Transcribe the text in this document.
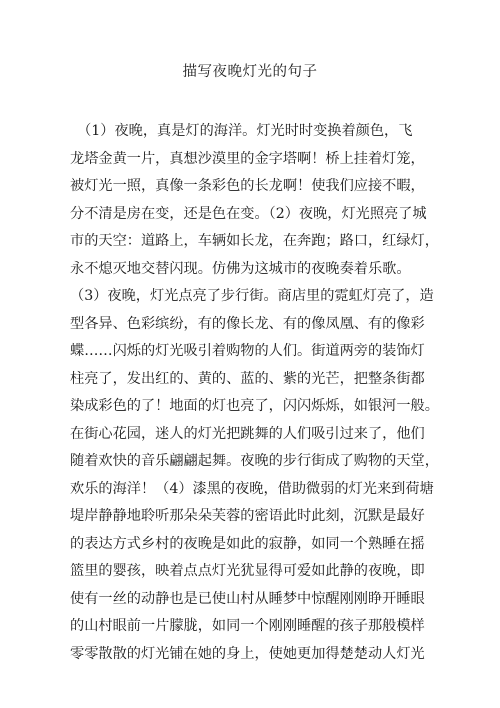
描写夜晚灯光的句子
　（1）夜晚，真是灯的海洋。灯光时时变换着颜色，飞
龙塔金黄一片，真想沙漠里的金字塔啊！桥上挂着灯笼，
被灯光一照，真像一条彩色的长龙啊！使我们应接不暇，
分不清是房在变，还是色在变。（2）夜晚，灯光照亮了城
市的天空：道路上，车辆如长龙，在奔跑；路口，红绿灯，
永不熄灭地交替闪现。仿佛为这城市的夜晚奏着乐歌。
（3）夜晚，灯光点亮了步行街。商店里的霓虹灯亮了，造
型各异、色彩缤纷，有的像长龙、有的像凤凰、有的像彩
蝶……闪烁的灯光吸引着购物的人们。街道两旁的装饰灯
柱亮了，发出红的、黄的、蓝的、紫的光芒，把整条街都
染成彩色的了！地面的灯也亮了，闪闪烁烁，如银河一般。
在街心花园，迷人的灯光把跳舞的人们吸引过来了，他们
随着欢快的音乐翩翩起舞。夜晚的步行街成了购物的天堂，
欢乐的海洋！（4）漆黑的夜晚，借助微弱的灯光来到荷塘
堤岸静静地聆听那朵朵芙蓉的密语此时此刻，沉默是最好
的表达方式乡村的夜晚是如此的寂静，如同一个熟睡在摇
篮里的婴孩，映着点点灯光犹显得可爱如此静的夜晚，即
使有一丝的动静也是已使山村从睡梦中惊醒刚刚睁开睡眼
的山村眼前一片朦胧，如同一个刚刚睡醒的孩子那般模样
零零散散的灯光铺在她的身上，使她更加得楚楚动人灯光
